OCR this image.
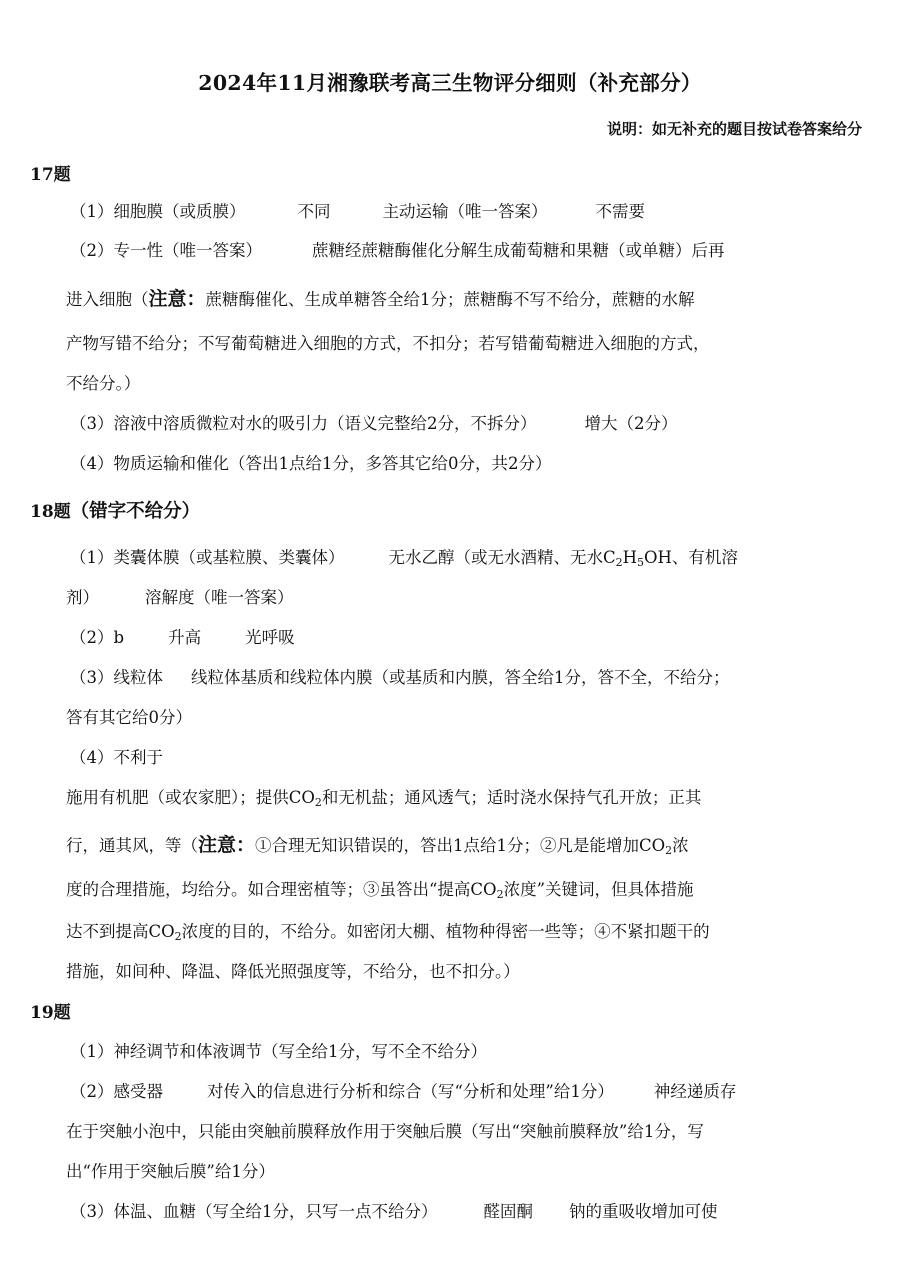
2024年11月湘豫联考高三生物评分细则（补充部分）
说明：如无补充的题目按试卷答案给分
17题
（1）细胞膜（或质膜）	不同	主动运输（唯一答案）	不需要
（2）专一性（唯一答案）	蔗糖经蔗糖酶催化分解生成葡萄糖和果糖（或单糖）后再
进入细胞（注意：蔗糖酶催化、生成单糖答全给1分；蔗糖酶不写不给分，蔗糖的水解
产物写错不给分；不写葡萄糖进入细胞的方式，不扣分；若写错葡萄糖进入细胞的方式，
不给分。）
（3）溶液中溶质微粒对水的吸引力（语义完整给2分，不拆分）	增大（2分）
（4）物质运输和催化（答出1点给1分，多答其它给0分，共2分）
18题（错字不给分）
（1）类囊体膜（或基粒膜、类囊体）	无水乙醇（或无水酒精、无水$C_2H_5OH$、有机溶
剂）	溶解度（唯一答案）
（2）b	升高	光呼吸
（3）线粒体 线粒体基质和线粒体内膜（或基质和内膜，答全给1分，答不全，不给分；
答有其它给0分）
（4）不利于
施用有机肥（或农家肥）；提供$CO_2$和无机盐；通风透气；适时浇水保持气孔开放；正其
行，通其风，等（注意：①合理无知识错误的，答出1点给1分；②凡是能增加$CO_2$浓
度的合理措施，均给分。如合理密植等；③虽答出“提高$CO_2$浓度”关键词，但具体措施
达不到提高$CO_2$浓度的目的，不给分。如密闭大棚、植物种得密一些等；④不紧扣题干的
措施，如间种、降温、降低光照强度等，不给分，也不扣分。）
19题
（1）神经调节和体液调节（写全给1分，写不全不给分）
（2）感受器	对传入的信息进行分析和综合（写“分析和处理”给1分） 神经递质存
在于突触小泡中，只能由突触前膜释放作用于突触后膜（写出“突触前膜释放”给1分，写
出“作用于突触后膜”给1分）
（3）体温、血糖（写全给1分，只写一点不给分）	醛固酮 钠的重吸收增加可使
